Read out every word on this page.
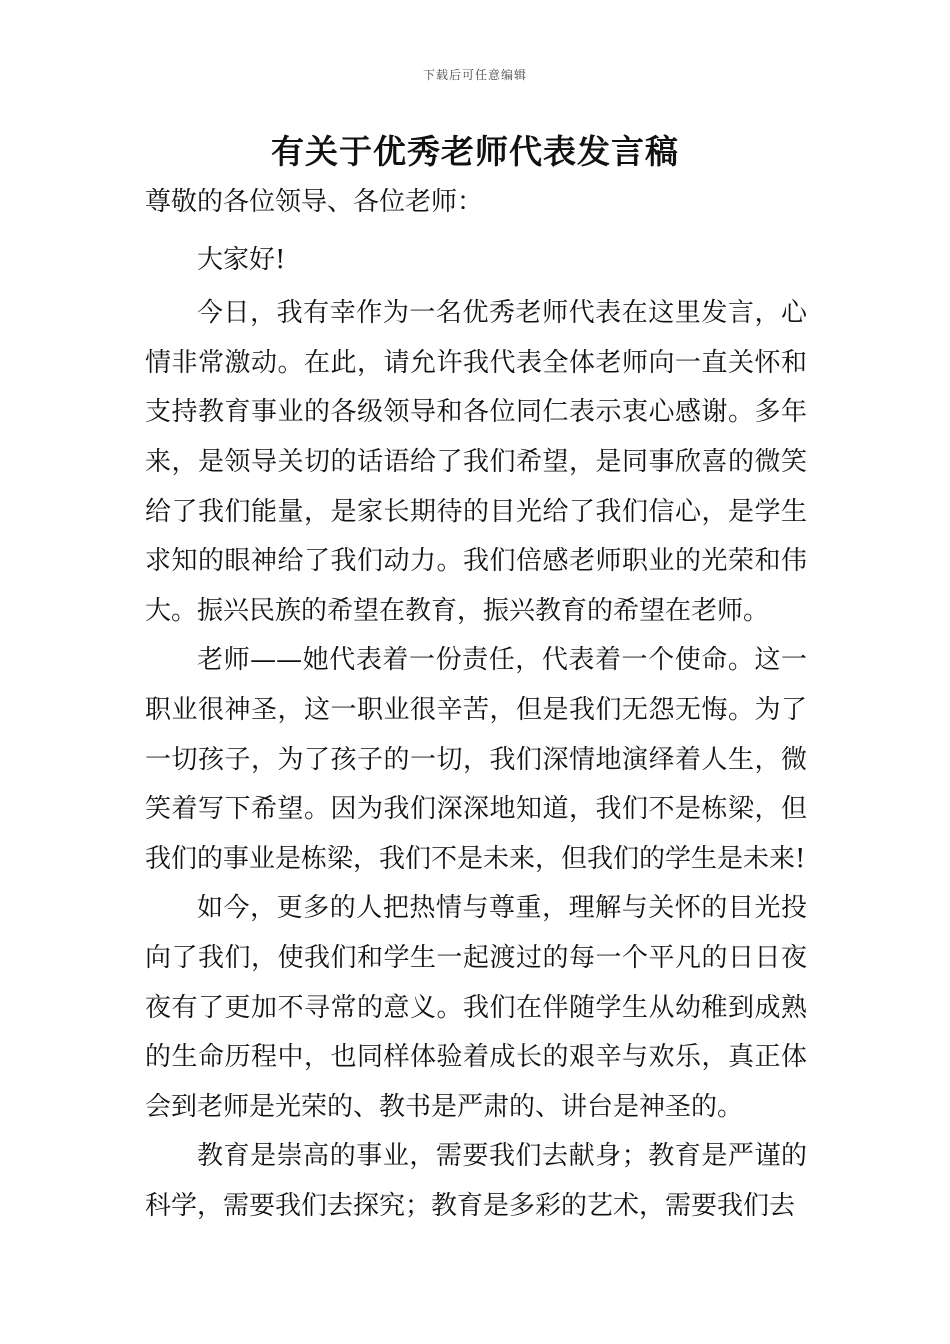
下载后可任意编辑
有关于优秀老师代表发言稿

尊敬的各位领导、各位老师：

大家好!

今日，我有幸作为一名优秀老师代表在这里发言，心情非常激动。在此，请允许我代表全体老师向一直关怀和支持教育事业的各级领导和各位同仁表示衷心感谢。多年来，是领导关切的话语给了我们希望，是同事欣喜的微笑给了我们能量，是家长期待的目光给了我们信心，是学生求知的眼神给了我们动力。我们倍感老师职业的光荣和伟大。振兴民族的希望在教育，振兴教育的希望在老师。

老师——她代表着一份责任，代表着一个使命。这一职业很神圣，这一职业很辛苦，但是我们无怨无悔。为了一切孩子，为了孩子的一切，我们深情地演绎着人生，微笑着写下希望。因为我们深深地知道，我们不是栋梁，但我们的事业是栋梁，我们不是未来，但我们的学生是未来!

如今，更多的人把热情与尊重，理解与关怀的目光投向了我们，使我们和学生一起渡过的每一个平凡的日日夜夜有了更加不寻常的意义。我们在伴随学生从幼稚到成熟的生命历程中，也同样体验着成长的艰辛与欢乐，真正体会到老师是光荣的、教书是严肃的、讲台是神圣的。

教育是崇高的事业，需要我们去献身；教育是严谨的科学，需要我们去探究；教育是多彩的艺术，需要我们去
